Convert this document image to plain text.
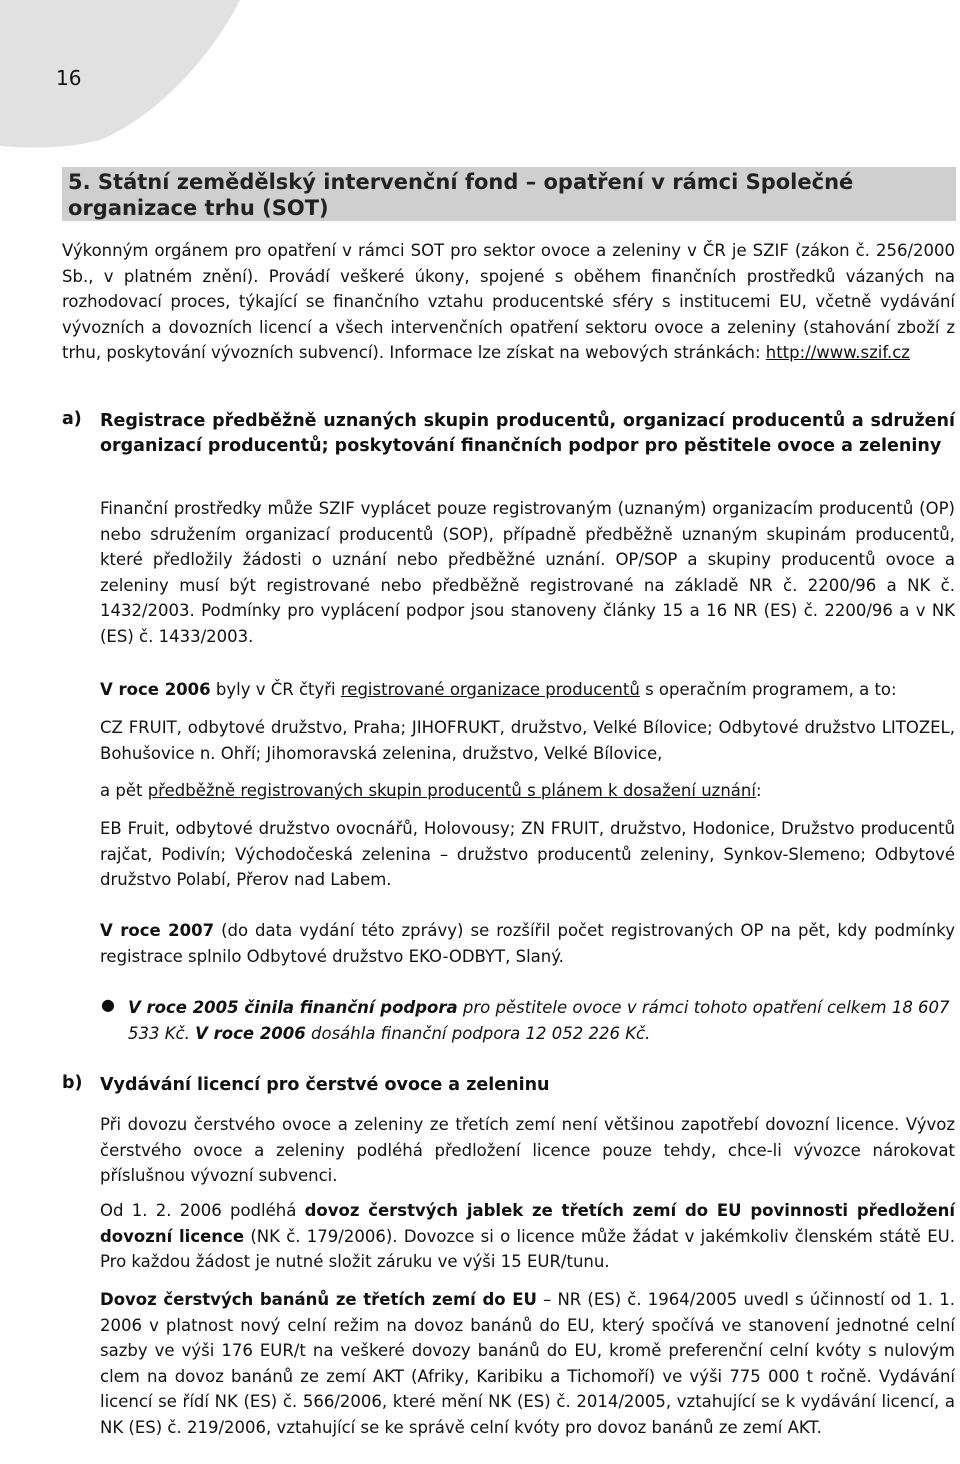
16
5. Státní zemědělský intervenční fond – opatření v rámci Společné organizace trhu (SOT)

Výkonným orgánem pro opatření v rámci SOT pro sektor ovoce a zeleniny v ČR je SZIF (zákon č. 256/2000 Sb., v platném znění). Provádí veškeré úkony, spojené s oběhem finančních prostředků vázaných na rozhodovací proces, týkající se finančního vztahu producentské sféry s institucemi EU, včetně vydávání vývozních a dovozních licencí a všech intervenčních opatření sektoru ovoce a zeleniny (stahování zboží z trhu, poskytování vývozních subvencí). Informace lze získat na webových stránkách: http://www.szif.cz

a) Registrace předběžně uznaných skupin producentů, organizací producentů a sdružení organizací producentů; poskytování finančních podpor pro pěstitele ovoce a zeleniny

Finanční prostředky může SZIF vyplácet pouze registrovaným (uznaným) organizacím producentů (OP) nebo sdružením organizací producentů (SOP), případně předběžně uznaným skupinám producentů, které předložily žádosti o uznání nebo předběžné uznání. OP/SOP a skupiny producentů ovoce a zeleniny musí být registrované nebo předběžně registrované na základě NR č. 2200/96 a NK č. 1432/2003. Podmínky pro vyplácení podpor jsou stanoveny články 15 a 16 NR (ES) č. 2200/96 a v NK (ES) č. 1433/2003.

V roce 2006 byly v ČR čtyři registrované organizace producentů s operačním programem, a to:

CZ FRUIT, odbytové družstvo, Praha; JIHOFRUKT, družstvo, Velké Bílovice; Odbytové družstvo LITOZEL, Bohušovice n. Ohří; Jihomoravská zelenina, družstvo, Velké Bílovice,

a pět předběžně registrovaných skupin producentů s plánem k dosažení uznání:

EB Fruit, odbytové družstvo ovocnářů, Holovousy; ZN FRUIT, družstvo, Hodonice, Družstvo producentů rajčat, Podivín; Východočeská zelenina – družstvo producentů zeleniny, Synkov-Slemeno; Odbytové družstvo Polabí, Přerov nad Labem.

V roce 2007 (do data vydání této zprávy) se rozšířil počet registrovaných OP na pět, kdy podmínky registrace splnilo Odbytové družstvo EKO-ODBYT, Slaný.

● V roce 2005 činila finanční podpora pro pěstitele ovoce v rámci tohoto opatření celkem 18 607 533 Kč. V roce 2006 dosáhla finanční podpora 12 052 226 Kč.

b) Vydávání licencí pro čerstvé ovoce a zeleninu

Při dovozu čerstvého ovoce a zeleniny ze třetích zemí není většinou zapotřebí dovozní licence. Vývoz čerstvého ovoce a zeleniny podléhá předložení licence pouze tehdy, chce-li vývozce nárokovat příslušnou vývozní subvenci.

Od 1. 2. 2006 podléhá dovoz čerstvých jablek ze třetích zemí do EU povinnosti předložení dovozní licence (NK č. 179/2006). Dovozce si o licence může žádat v jakémkoliv členském státě EU. Pro každou žádost je nutné složit záruku ve výši 15 EUR/tunu.

Dovoz čerstvých banánů ze třetích zemí do EU – NR (ES) č. 1964/2005 uvedl s účinností od 1. 1. 2006 v platnost nový celní režim na dovoz banánů do EU, který spočívá ve stanovení jednotné celní sazby ve výši 176 EUR/t na veškeré dovozy banánů do EU, kromě preferenční celní kvóty s nulovým clem na dovoz banánů ze zemí AKT (Afriky, Karibiku a Tichomoří) ve výši 775 000 t ročně. Vydávání licencí se řídí NK (ES) č. 566/2006, které mění NK (ES) č. 2014/2005, vztahující se k vydávání licencí, a NK (ES) č. 219/2006, vztahující se ke správě celní kvóty pro dovoz banánů ze zemí AKT.
